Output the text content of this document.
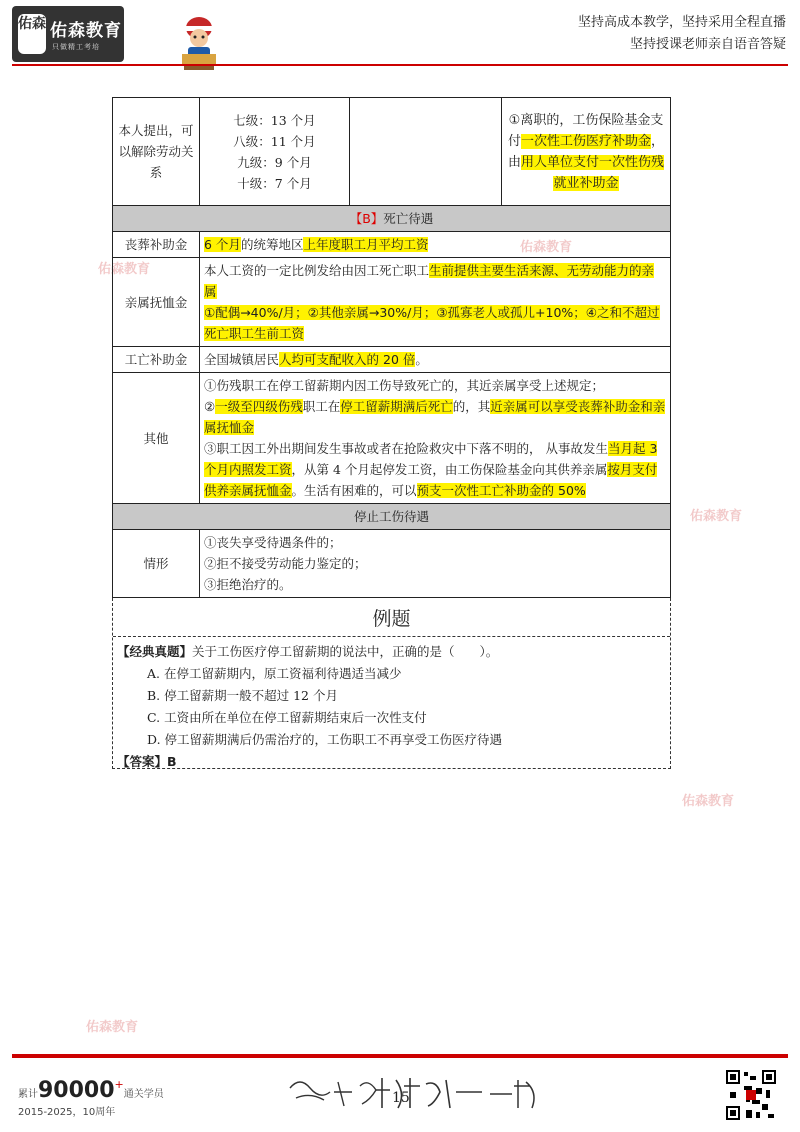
佑森 佑森教育
只做精工考培
坚持高成本教学，坚持采用全程直播
坚持授课老师亲自语音答疑
佑森教育
佑森教育
佑森教育
佑森教育
佑森教育
本人提出，可以解除劳动关系	七级：13 个月
八级：11 个月
九级：9 个月
十级：7 个月		①离职的，工伤保险基金支付一次性工伤医疗补助金，由用人单位支付一次性伤残就业补助金
【B】死亡待遇			
丧葬补助金	6 个月的统筹地区上年度职工月平均工资		
亲属抚恤金	本人工资的一定比例发给由因工死亡职工生前提供主要生活来源、无劳动能力的亲属
①配偶→40%/月；②其他亲属→30%/月；③孤寡老人或孤儿+10%；④之和不超过死亡职工生前工资		
工亡补助金	全国城镇居民人均可支配收入的 20 倍。		
其他	①伤残职工在停工留薪期内因工伤导致死亡的，其近亲属享受上述规定；
②一级至四级伤残职工在停工留薪期满后死亡的，其近亲属可以享受丧葬补助金和亲属抚恤金
③职工因工外出期间发生事故或者在抢险救灾中下落不明的， 从事故发生当月起 3 个月内照发工资，从第 4 个月起停发工资，由工伤保险基金向其供养亲属按月支付供养亲属抚恤金。生活有困难的，可以预支一次性工亡补助金的 50%		

停止工伤待遇			
情形	①丧失享受待遇条件的；
②拒不接受劳动能力鉴定的；
③拒绝治疗的。		
例题
【经典真题】关于工伤医疗停工留薪期的说法中，正确的是（　　）。
A. 在停工留薪期内，原工资福利待遇适当减少
B. 停工留薪期一般不超过 12 个月
C. 工资由所在单位在停工留薪期结束后一次性支付
D. 停工留薪期满后仍需治疗的，工伤职工不再享受工伤医疗待遇
【答案】B
累计90000+通关学员
2015-2025，10周年
15
